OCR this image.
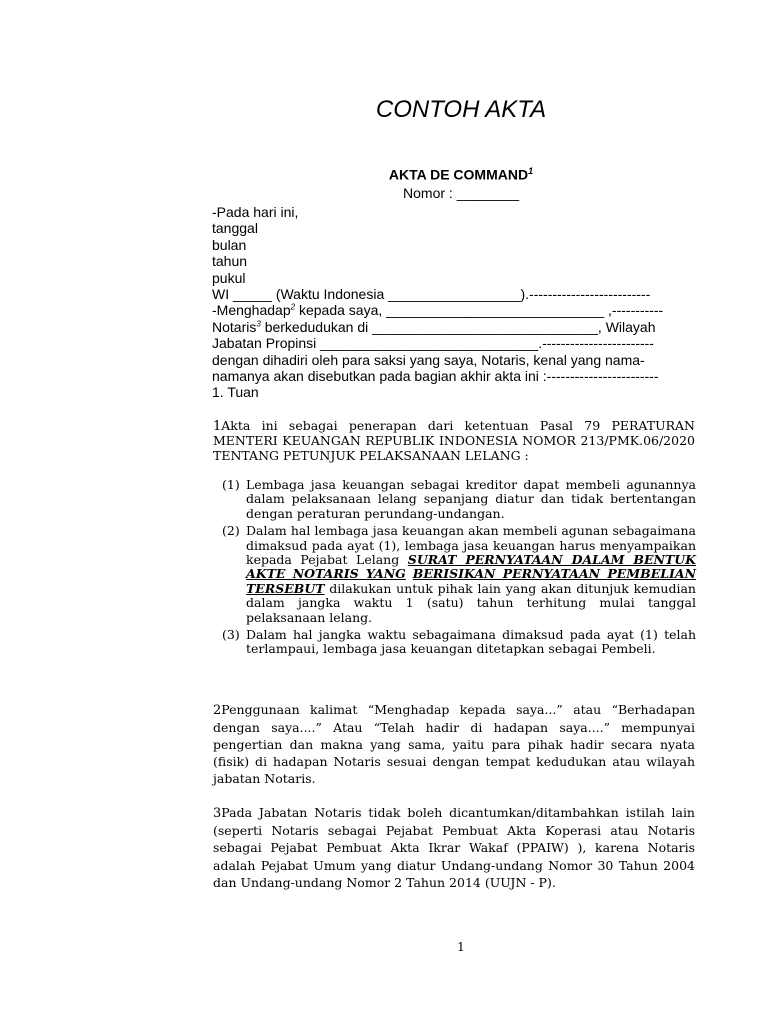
CONTOH AKTA
AKTA DE COMMAND$^1$
Nomor : ________
-Pada hari ini,
tanggal
bulan
tahun
pukul
WI _____ (Waktu Indonesia _________________).--------------------------
-Menghadap$^2$ kepada saya, ____________________________ ,-----------
Notaris$^3$ berkedudukan di _____________________________, Wilayah
Jabatan Propinsi ____________________________.------------------------
dengan dihadiri oleh para saksi yang saya, Notaris, kenal yang nama-
namanya akan disebutkan pada bagian akhir akta ini :------------------------
1. Tuan
1Akta ini sebagai penerapan dari ketentuan Pasal 79 PERATURAN MENTERI KEUANGAN REPUBLIK INDONESIA NOMOR 213/PMK.06/2020 TENTANG PETUNJUK PELAKSANAAN LELANG :
(1) Lembaga jasa keuangan sebagai kreditor dapat membeli agunannya dalam pelaksanaan lelang sepanjang diatur dan tidak bertentangan dengan peraturan perundang-undangan.
(2) Dalam hal lembaga jasa keuangan akan membeli agunan sebagaimana dimaksud pada ayat (1), lembaga jasa keuangan harus menyampaikan kepada Pejabat Lelang SURAT PERNYATAAN DALAM BENTUK AKTE NOTARIS YANG BERISIKAN PERNYATAAN PEMBELIAN TERSEBUT dilakukan untuk pihak lain yang akan ditunjuk kemudian dalam jangka waktu 1 (satu) tahun terhitung mulai tanggal pelaksanaan lelang.
(3) Dalam hal jangka waktu sebagaimana dimaksud pada ayat (1) telah terlampaui, lembaga jasa keuangan ditetapkan sebagai Pembeli.
2Penggunaan kalimat “Menghadap kepada saya...” atau “Berhadapan dengan saya....” Atau “Telah hadir di hadapan saya....” mempunyai pengertian dan makna yang sama, yaitu para pihak hadir secara nyata (fisik) di hadapan Notaris sesuai dengan tempat kedudukan atau wilayah jabatan Notaris.
3Pada Jabatan Notaris tidak boleh dicantumkan/ditambahkan istilah lain (seperti Notaris sebagai Pejabat Pembuat Akta Koperasi atau Notaris sebagai Pejabat Pembuat Akta Ikrar Wakaf (PPAIW) ), karena Notaris adalah Pejabat Umum yang diatur Undang-undang Nomor 30 Tahun 2004 dan Undang-undang Nomor 2 Tahun 2014 (UUJN - P).
1
